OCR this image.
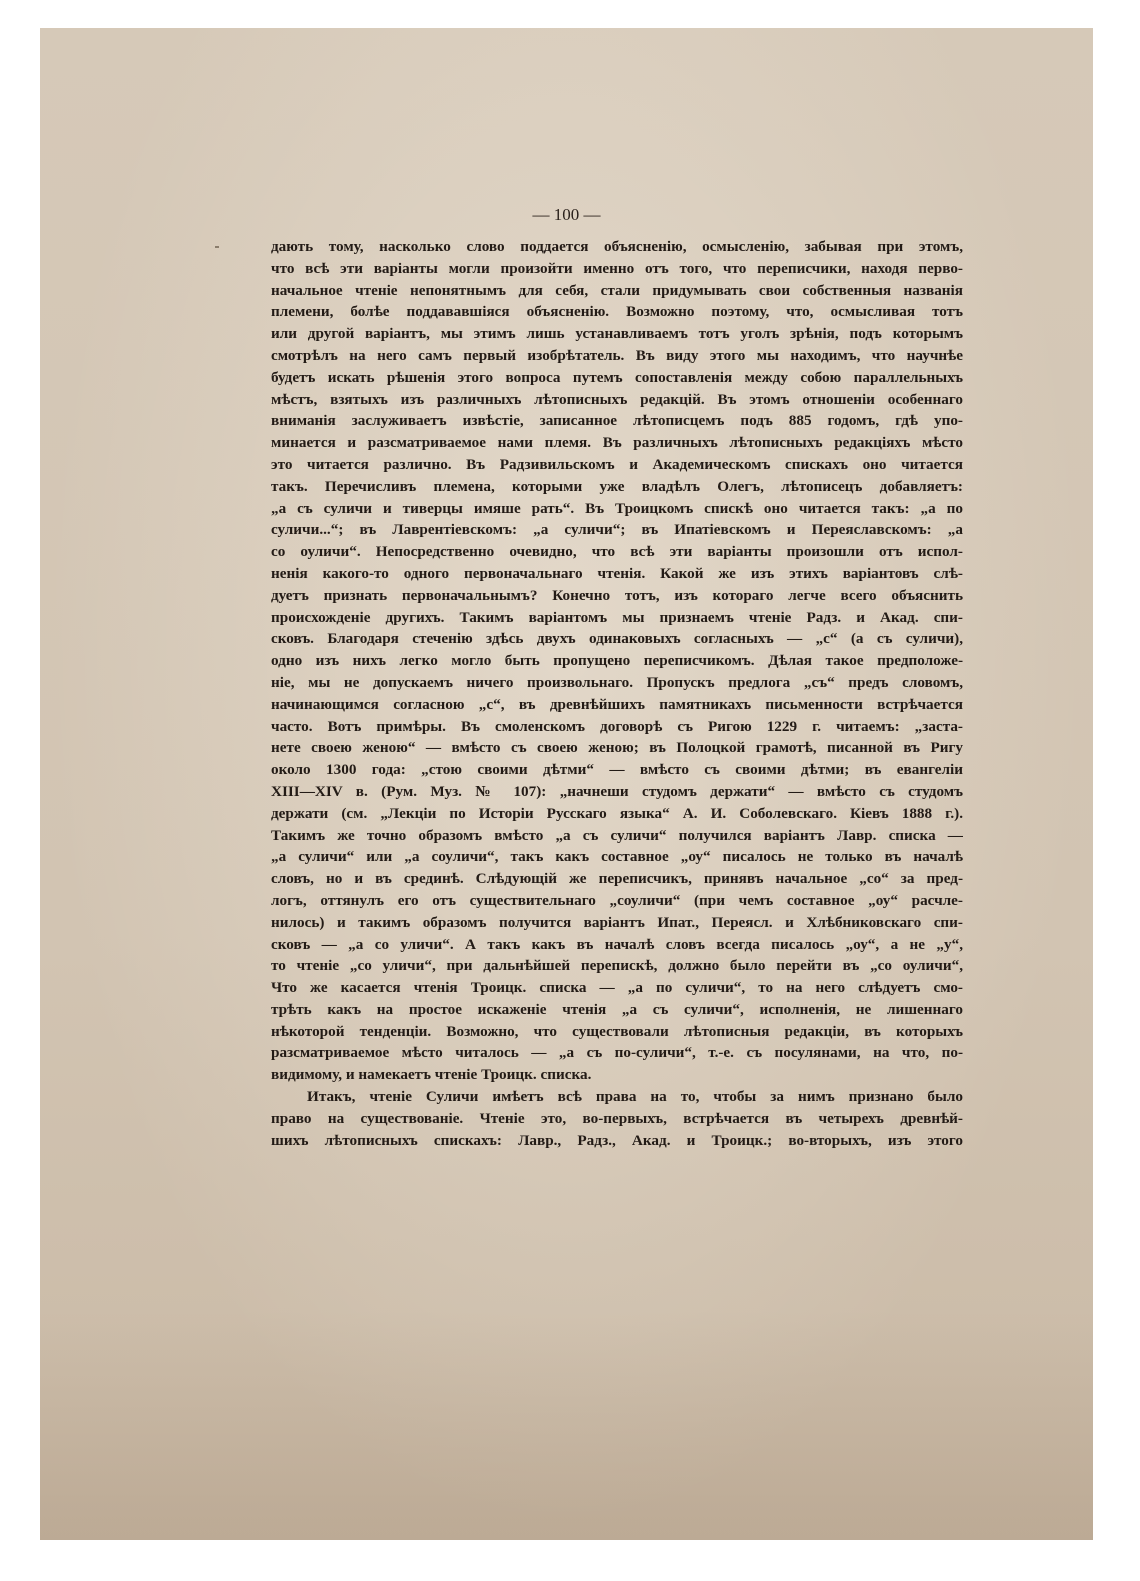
— 100 —
дають тому, насколько слово поддается объясненію, осмысленію, забывая при этомъ,
что всѣ эти варіанты могли произойти именно отъ того, что переписчики, находя перво-
начальное чтеніе непонятнымъ для себя, стали придумывать свои собственныя названія
племени, болѣе поддававшіяся объясненію. Возможно поэтому, что, осмысливая тотъ
или другой варіантъ, мы этимъ лишь устанавливаемъ тотъ уголъ зрѣнія, подъ которымъ
смотрѣлъ на него самъ первый изобрѣтатель. Въ виду этого мы находимъ, что научнѣе
будетъ искать рѣшенія этого вопроса путемъ сопоставленія между собою параллельныхъ
мѣстъ, взятыхъ изъ различныхъ лѣтописныхъ редакцій. Въ этомъ отношеніи особеннаго
вниманія заслуживаетъ извѣстіе, записанное лѣтописцемъ подъ 885 годомъ, гдѣ упо-
минается и разсматриваемое нами племя. Въ различныхъ лѣтописныхъ редакціяхъ мѣсто
это читается различно. Въ Радзивильскомъ и Академическомъ спискахъ оно читается
такъ. Перечисливъ племена, которыми уже владѣлъ Олегъ, лѣтописецъ добавляетъ:
„а съ суличи и тиверцы имяше рать“. Въ Троицкомъ спискѣ оно читается такъ: „а по
суличи...“; въ Лаврентіевскомъ: „а суличи“; въ Ипатіевскомъ и Переяславскомъ: „а
со оуличи“. Непосредственно очевидно, что всѣ эти варіанты произошли отъ испол-
ненія какого-то одного первоначальнаго чтенія. Какой же изъ этихъ варіантовъ слѣ-
дуетъ признать первоначальнымъ? Конечно тотъ, изъ котораго легче всего объяснить
происхожденіе другихъ. Такимъ варіантомъ мы признаемъ чтеніе Радз. и Акад. спи-
сковъ. Благодаря стеченію здѣсь двухъ одинаковыхъ согласныхъ — „с“ (а съ суличи),
одно изъ нихъ легко могло быть пропущено переписчикомъ. Дѣлая такое предположе-
ніе, мы не допускаемъ ничего произвольнаго. Пропускъ предлога „съ“ предъ словомъ,
начинающимся согласною „с“, въ древнѣйшихъ памятникахъ письменности встрѣчается
часто. Вотъ примѣры. Въ смоленскомъ договорѣ съ Ригою 1229 г. читаемъ: „заста-
нете своею женою“ — вмѣсто съ своею женою; въ Полоцкой грамотѣ, писанной въ Ригу
около 1300 года: „стою своими дѣтми“ — вмѣсто съ своими дѣтми; въ евангеліи
XIII—XIV в. (Рум. Муз. № 107): „начнеши студомъ держати“ — вмѣсто съ студомъ
держати (см. „Лекціи по Исторіи Русскаго языка“ А. И. Соболевскаго. Кіевъ 1888 г.).
Такимъ же точно образомъ вмѣсто „а съ суличи“ получился варіантъ Лавр. списка —
„а суличи“ или „а соуличи“, такъ какъ составное „оу“ писалось не только въ началѣ
словъ, но и въ срединѣ. Слѣдующій же переписчикъ, принявъ начальное „со“ за пред-
логъ, оттянулъ его отъ существительнаго „соуличи“ (при чемъ составное „оу“ расчле-
нилось) и такимъ образомъ получится варіантъ Ипат., Переясл. и Хлѣбниковскаго спи-
сковъ — „а со уличи“. А такъ какъ въ началѣ словъ всегда писалось „оу“, а не „у“,
то чтеніе „со уличи“, при дальнѣйшей перепискѣ, должно было перейти въ „со оуличи“,
Что же касается чтенія Троицк. списка — „а по суличи“, то на него слѣдуетъ смо-
трѣть какъ на простое искаженіе чтенія „а съ суличи“, исполненія, не лишеннаго
нѣкоторой тенденціи. Возможно, что существовали лѣтописныя редакціи, въ которыхъ
разсматриваемое мѣсто читалось — „а съ по-суличи“, т.-е. съ посулянами, на что, по-
видимому, и намекаетъ чтеніе Троицк. списка.
Итакъ, чтеніе Суличи имѣетъ всѣ права на то, чтобы за нимъ признано было
право на существованіе. Чтеніе это, во-первыхъ, встрѣчается въ четырехъ древнѣй-
шихъ лѣтописныхъ спискахъ: Лавр., Радз., Акад. и Троицк.; во-вторыхъ, изъ этого
